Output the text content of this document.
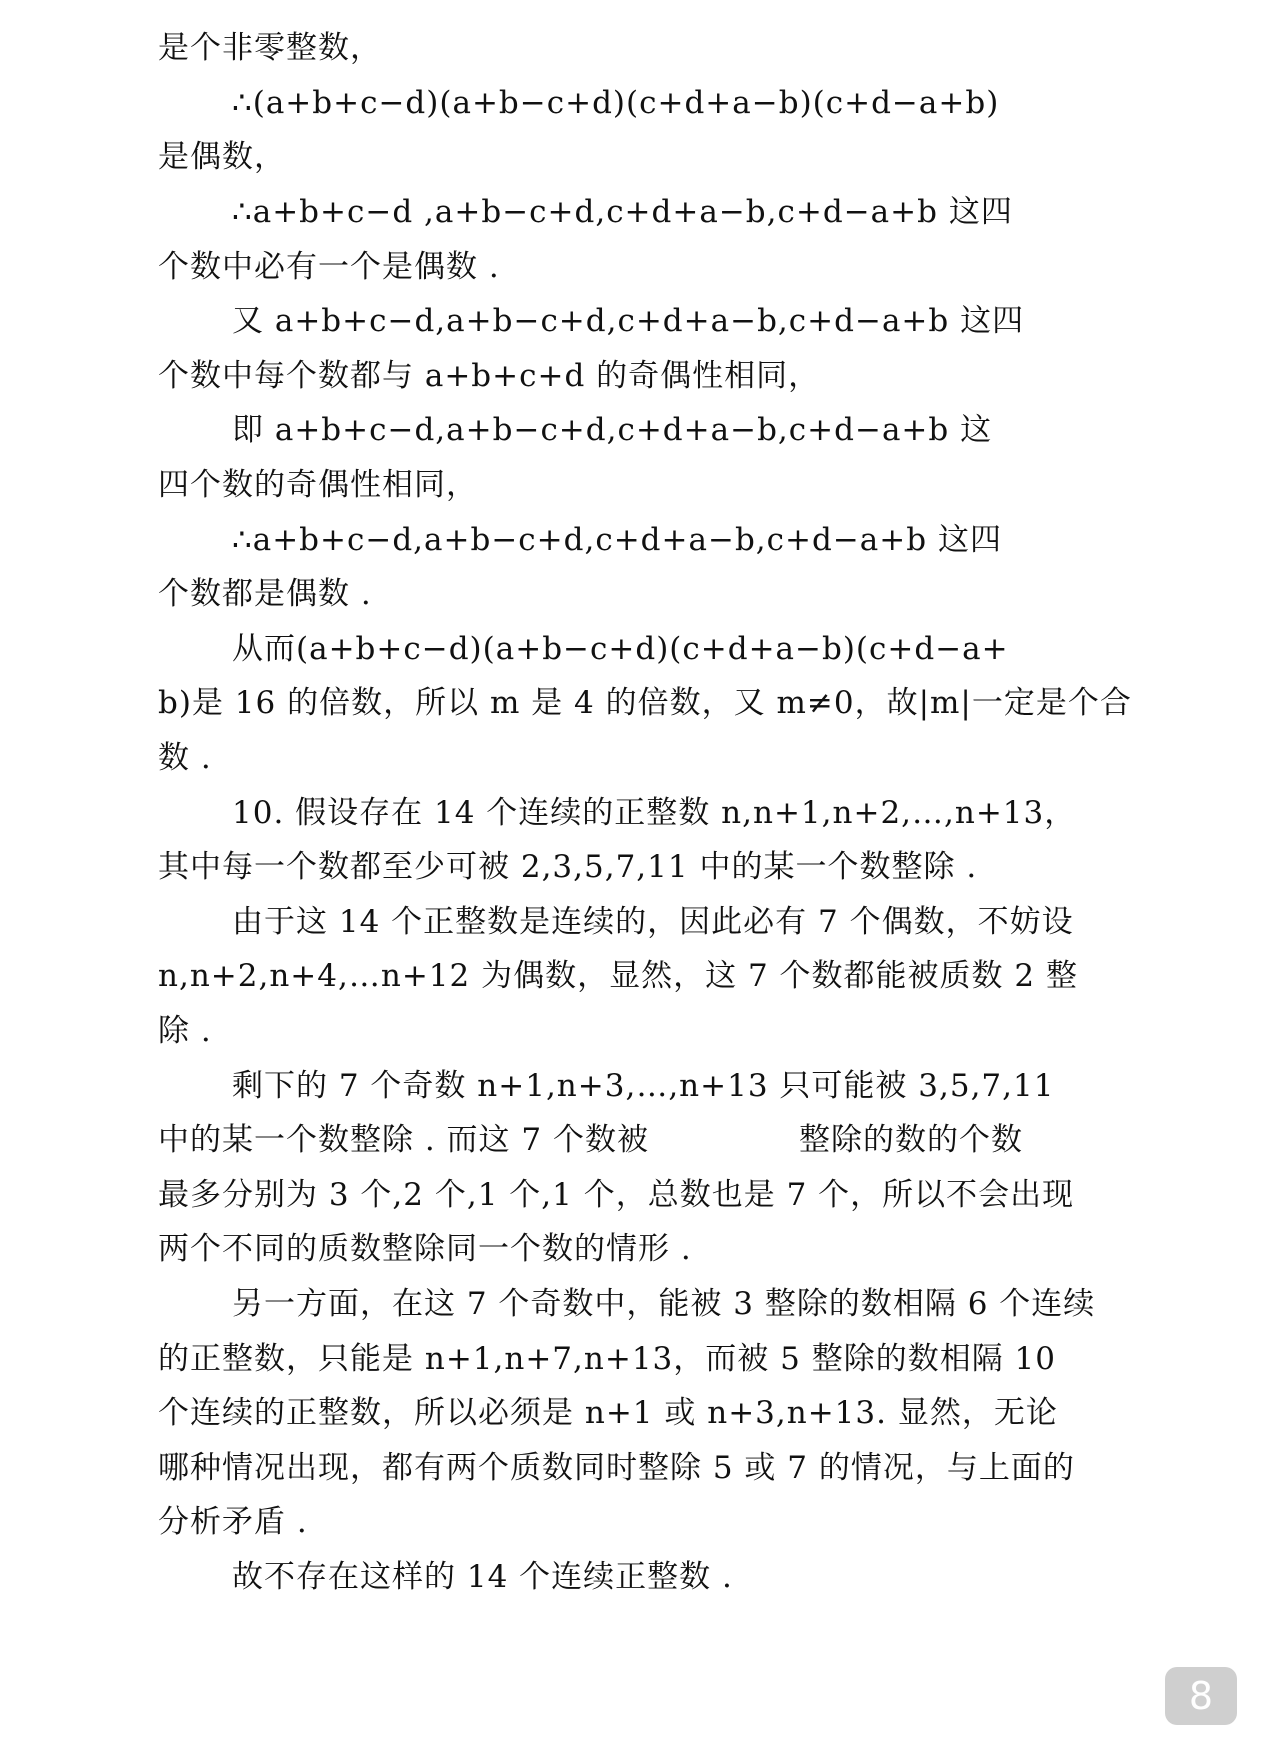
是个非零整数，
∴(a+b+c−d)(a+b−c+d)(c+d+a−b)(c+d−a+b)
是偶数，
∴a+b+c−d ,a+b−c+d,c+d+a−b,c+d−a+b 这四
个数中必有一个是偶数 .
又 a+b+c−d,a+b−c+d,c+d+a−b,c+d−a+b 这四
个数中每个数都与 a+b+c+d 的奇偶性相同，
即 a+b+c−d,a+b−c+d,c+d+a−b,c+d−a+b 这
四个数的奇偶性相同，
∴a+b+c−d,a+b−c+d,c+d+a−b,c+d−a+b 这四
个数都是偶数 .
从而(a+b+c−d)(a+b−c+d)(c+d+a−b)(c+d−a+
b)是 16 的倍数，所以 m 是 4 的倍数，又 m≠0，故|m|一定是个合
数 .
10. 假设存在 14 个连续的正整数 n,n+1,n+2,…,n+13，
其中每一个数都至少可被 2,3,5,7,11 中的某一个数整除 .
由于这 14 个正整数是连续的，因此必有 7 个偶数，不妨设
n,n+2,n+4,…n+12 为偶数，显然，这 7 个数都能被质数 2 整
除 .
剩下的 7 个奇数 n+1,n+3,…,n+13 只可能被 3,5,7,11
中的某一个数整除 . 而这 7 个数被	整除的数的个数
最多分别为 3 个,2 个,1 个,1 个，总数也是 7 个，所以不会出现
两个不同的质数整除同一个数的情形 .
另一方面，在这 7 个奇数中，能被 3 整除的数相隔 6 个连续
的正整数，只能是 n+1,n+7,n+13，而被 5 整除的数相隔 10
个连续的正整数，所以必须是 n+1 或 n+3,n+13. 显然，无论
哪种情况出现，都有两个质数同时整除 5 或 7 的情况，与上面的
分析矛盾 .
故不存在这样的 14 个连续正整数 .
8
